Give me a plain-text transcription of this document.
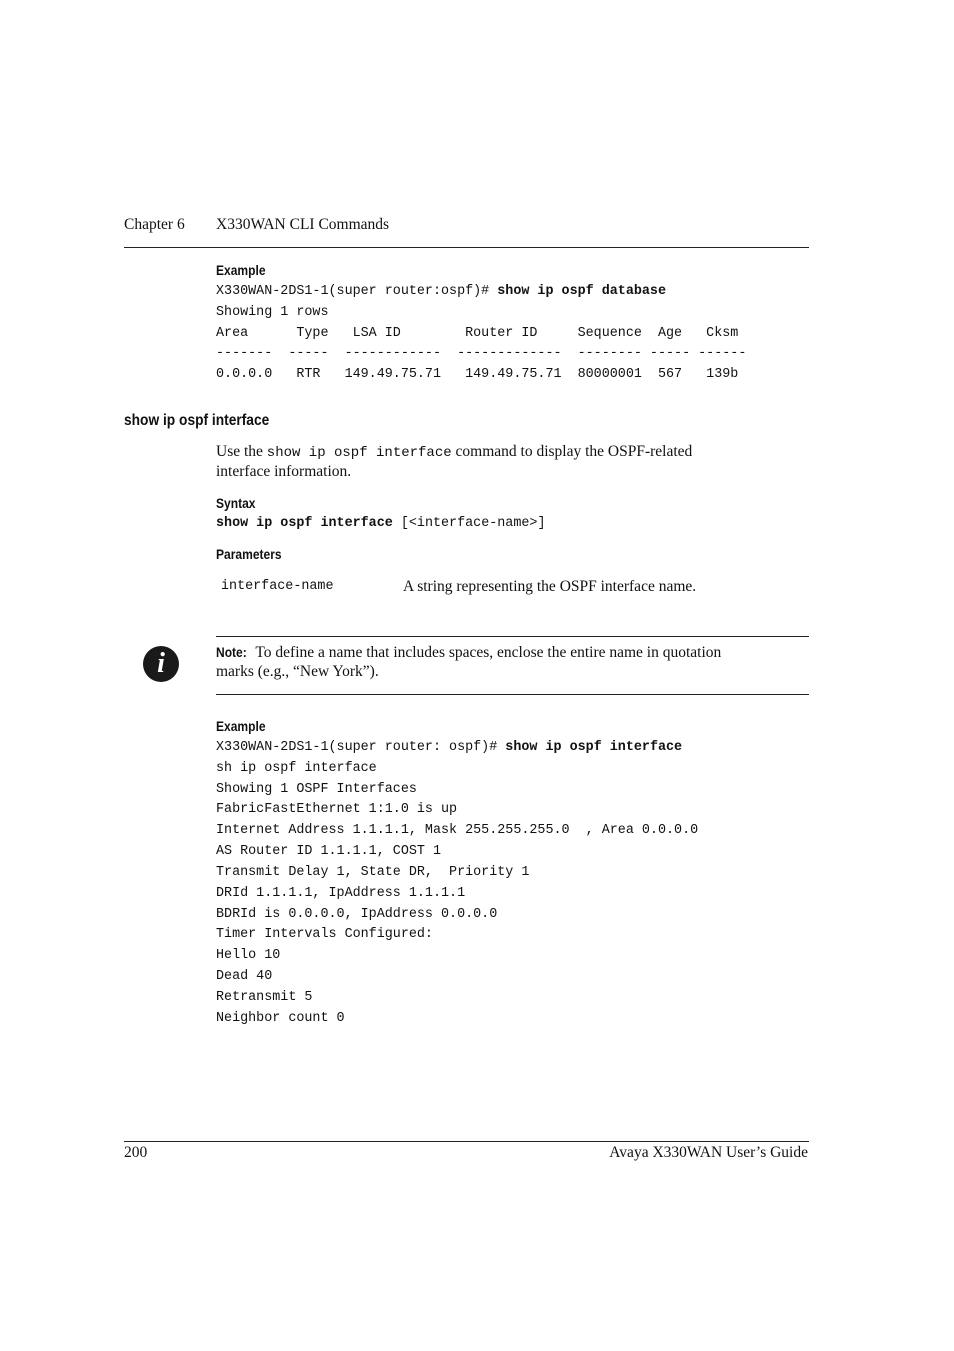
Chapter 6 X330WAN CLI Commands
Example
X330WAN-2DS1-1(super router:ospf)# show ip ospf database
Showing 1 rows
Area      Type   LSA ID        Router ID     Sequence  Age   Cksm
-------  -----  ------------  -------------  -------- ----- ------
0.0.0.0   RTR   149.49.75.71   149.49.75.71  80000001  567   139b
show ip ospf interface
Use the show ip ospf interface command to display the OSPF-related
interface information.
Syntax
show ip ospf interface [<interface-name>]
Parameters
interface-name	A string representing the OSPF interface name.
i	Note: To define a name that includes spaces, enclose the entire name in quotation
marks (e.g., “New York”).
Example
X330WAN-2DS1-1(super router: ospf)# show ip ospf interface
sh ip ospf interface
Showing 1 OSPF Interfaces
FabricFastEthernet 1:1.0 is up
Internet Address 1.1.1.1, Mask 255.255.255.0  , Area 0.0.0.0
AS Router ID 1.1.1.1, COST 1
Transmit Delay 1, State DR,  Priority 1
DRId 1.1.1.1, IpAddress 1.1.1.1
BDRId is 0.0.0.0, IpAddress 0.0.0.0
Timer Intervals Configured:
Hello 10
Dead 40
Retransmit 5
Neighbor count 0
200	Avaya X330WAN User’s Guide
